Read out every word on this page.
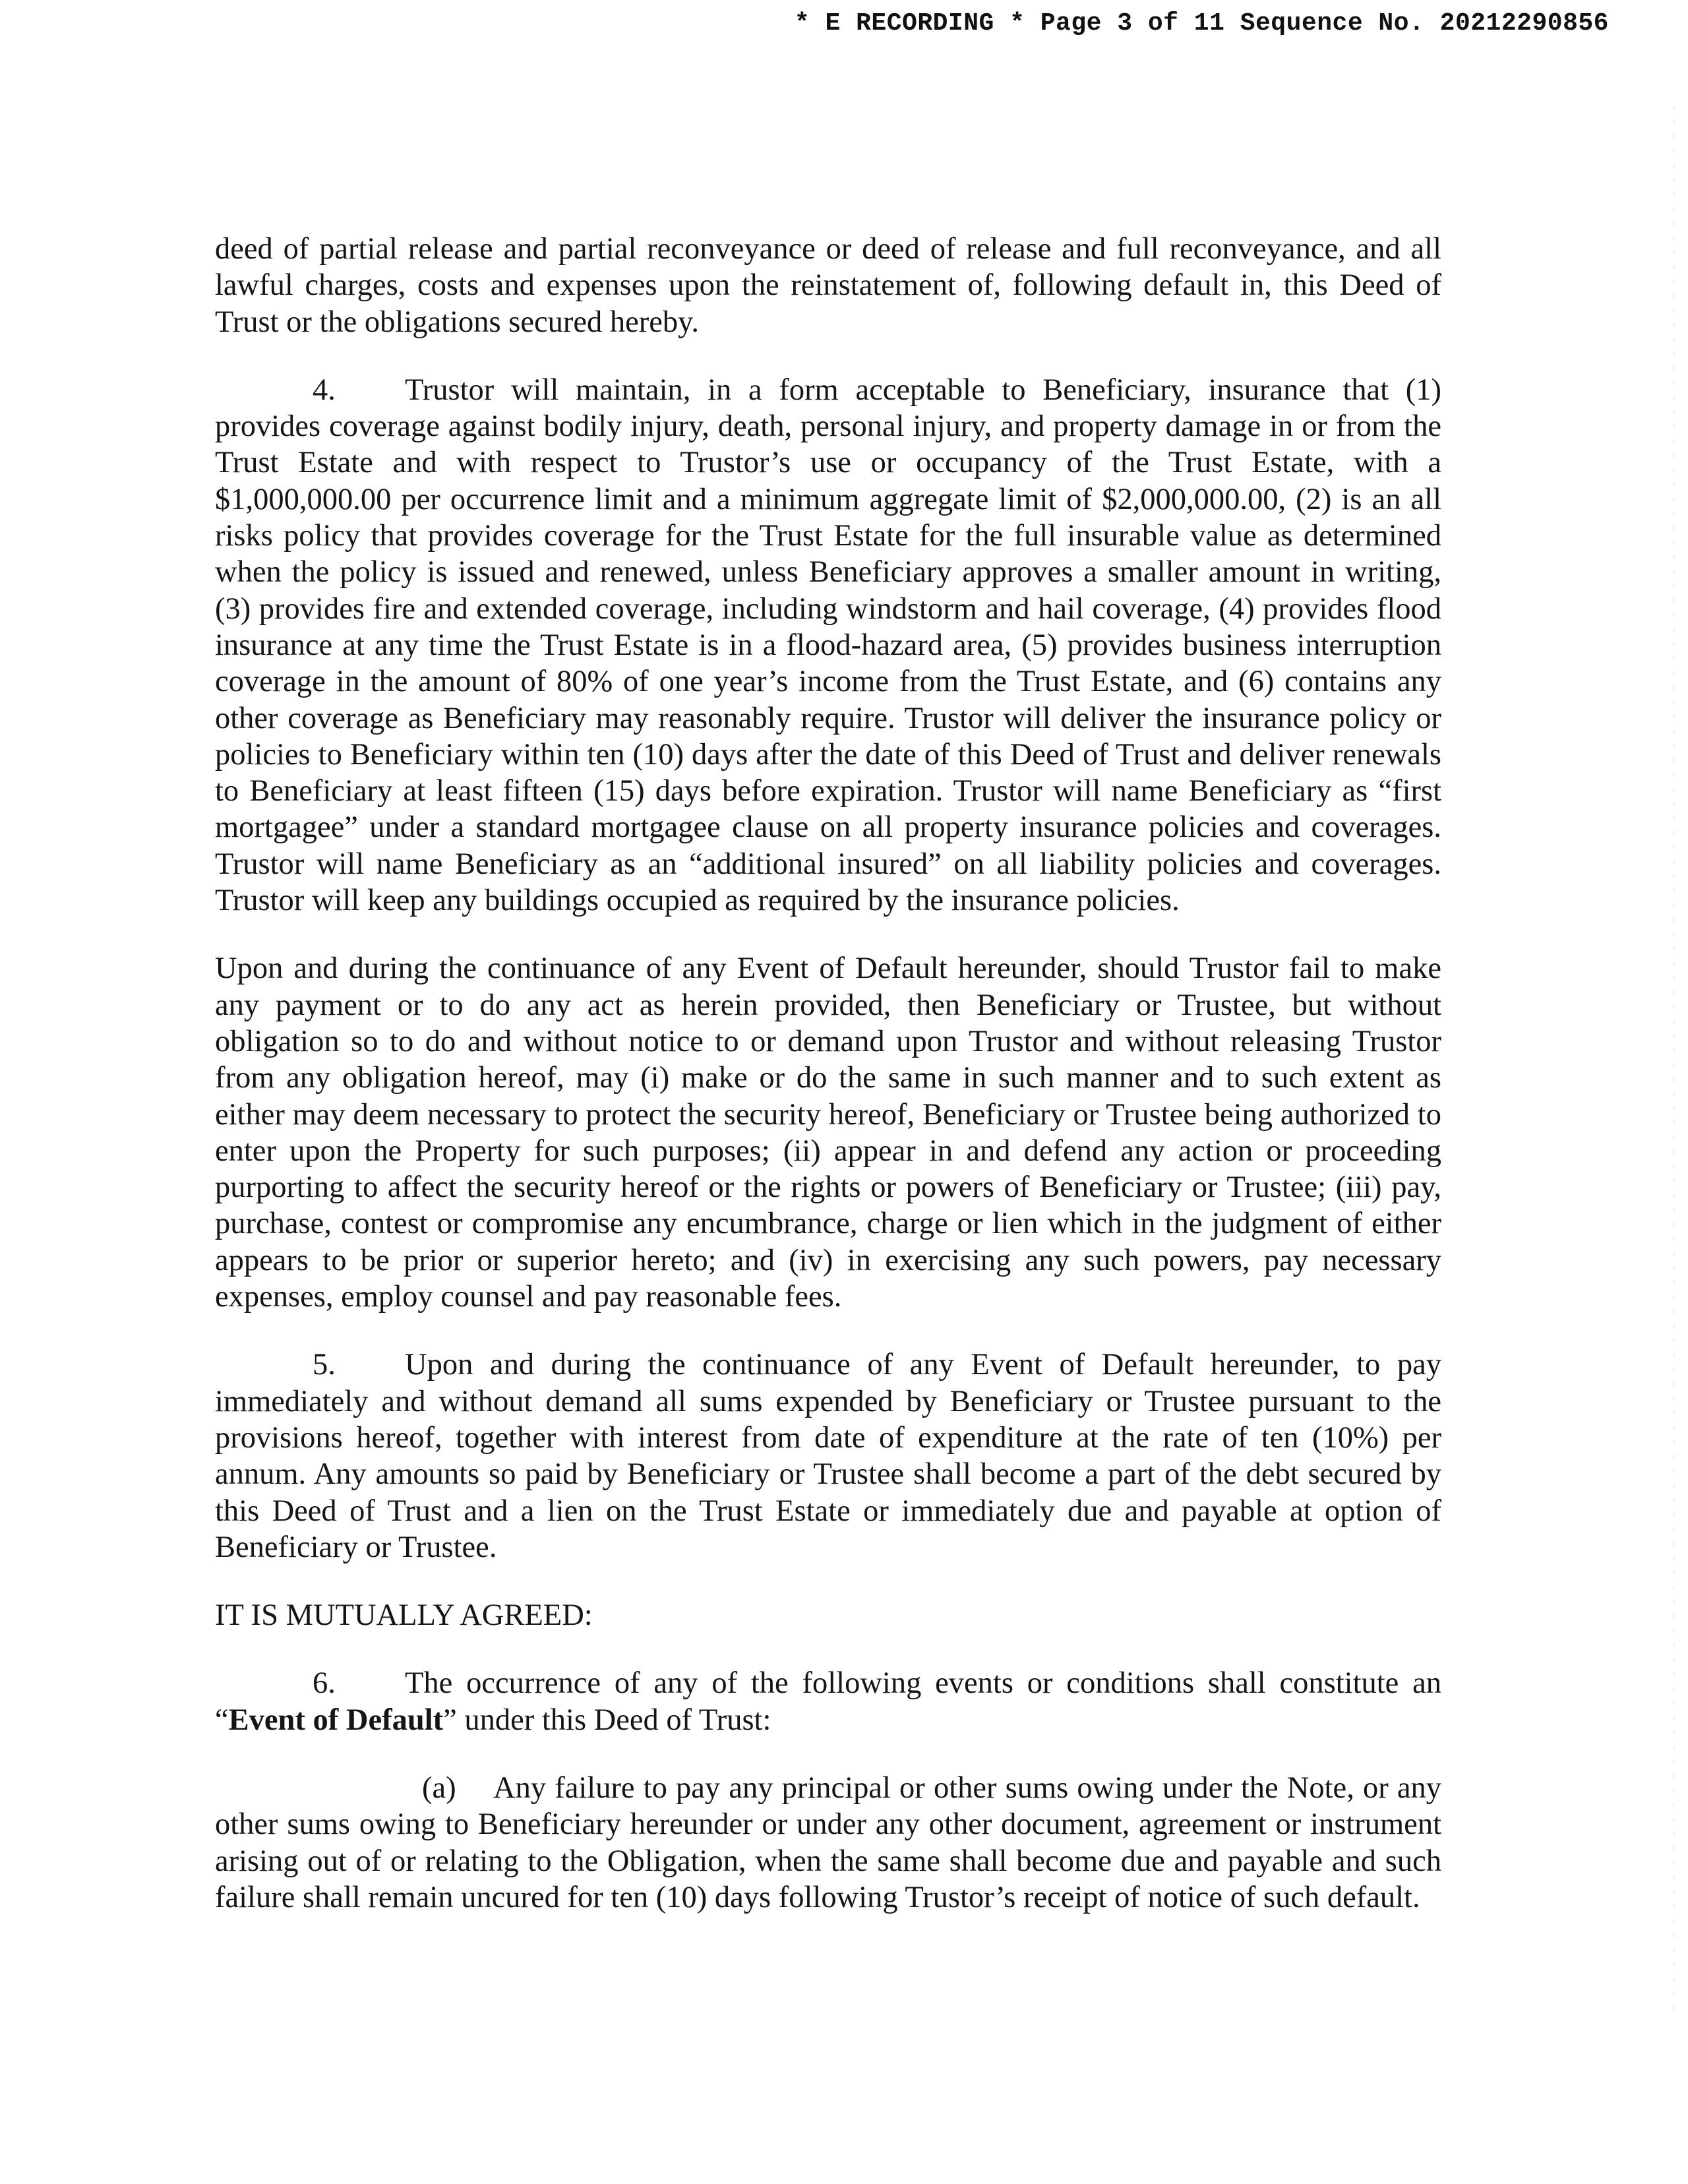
* E RECORDING * Page 3 of 11 Sequence No. 20212290856

deed of partial release and partial reconveyance or deed of release and full reconveyance, and all lawful charges, costs and expenses upon the reinstatement of, following default in, this Deed of Trust or the obligations secured hereby.

4. Trustor will maintain, in a form acceptable to Beneficiary, insurance that (1) provides coverage against bodily injury, death, personal injury, and property damage in or from the Trust Estate and with respect to Trustor’s use or occupancy of the Trust Estate, with a $1,000,000.00 per occurrence limit and a minimum aggregate limit of $2,000,000.00, (2) is an all risks policy that provides coverage for the Trust Estate for the full insurable value as determined when the policy is issued and renewed, unless Beneficiary approves a smaller amount in writing, (3) provides fire and extended coverage, including windstorm and hail coverage, (4) provides flood insurance at any time the Trust Estate is in a flood-hazard area, (5) provides business interruption coverage in the amount of 80% of one year’s income from the Trust Estate, and (6) contains any other coverage as Beneficiary may reasonably require. Trustor will deliver the insurance policy or policies to Beneficiary within ten (10) days after the date of this Deed of Trust and deliver renewals to Beneficiary at least fifteen (15) days before expiration. Trustor will name Beneficiary as “first mortgagee” under a standard mortgagee clause on all property insurance policies and coverages. Trustor will name Beneficiary as an “additional insured” on all liability policies and coverages. Trustor will keep any buildings occupied as required by the insurance policies.

Upon and during the continuance of any Event of Default hereunder, should Trustor fail to make any payment or to do any act as herein provided, then Beneficiary or Trustee, but without obligation so to do and without notice to or demand upon Trustor and without releasing Trustor from any obligation hereof, may (i) make or do the same in such manner and to such extent as either may deem necessary to protect the security hereof, Beneficiary or Trustee being authorized to enter upon the Property for such purposes; (ii) appear in and defend any action or proceeding purporting to affect the security hereof or the rights or powers of Beneficiary or Trustee; (iii) pay, purchase, contest or compromise any encumbrance, charge or lien which in the judgment of either appears to be prior or superior hereto; and (iv) in exercising any such powers, pay necessary expenses, employ counsel and pay reasonable fees.

5. Upon and during the continuance of any Event of Default hereunder, to pay immediately and without demand all sums expended by Beneficiary or Trustee pursuant to the provisions hereof, together with interest from date of expenditure at the rate of ten (10%) per annum. Any amounts so paid by Beneficiary or Trustee shall become a part of the debt secured by this Deed of Trust and a lien on the Trust Estate or immediately due and payable at option of Beneficiary or Trustee.

IT IS MUTUALLY AGREED:

6. The occurrence of any of the following events or conditions shall constitute an “Event of Default” under this Deed of Trust:

(a) Any failure to pay any principal or other sums owing under the Note, or any other sums owing to Beneficiary hereunder or under any other document, agreement or instrument arising out of or relating to the Obligation, when the same shall become due and payable and such failure shall remain uncured for ten (10) days following Trustor’s receipt of notice of such default.
